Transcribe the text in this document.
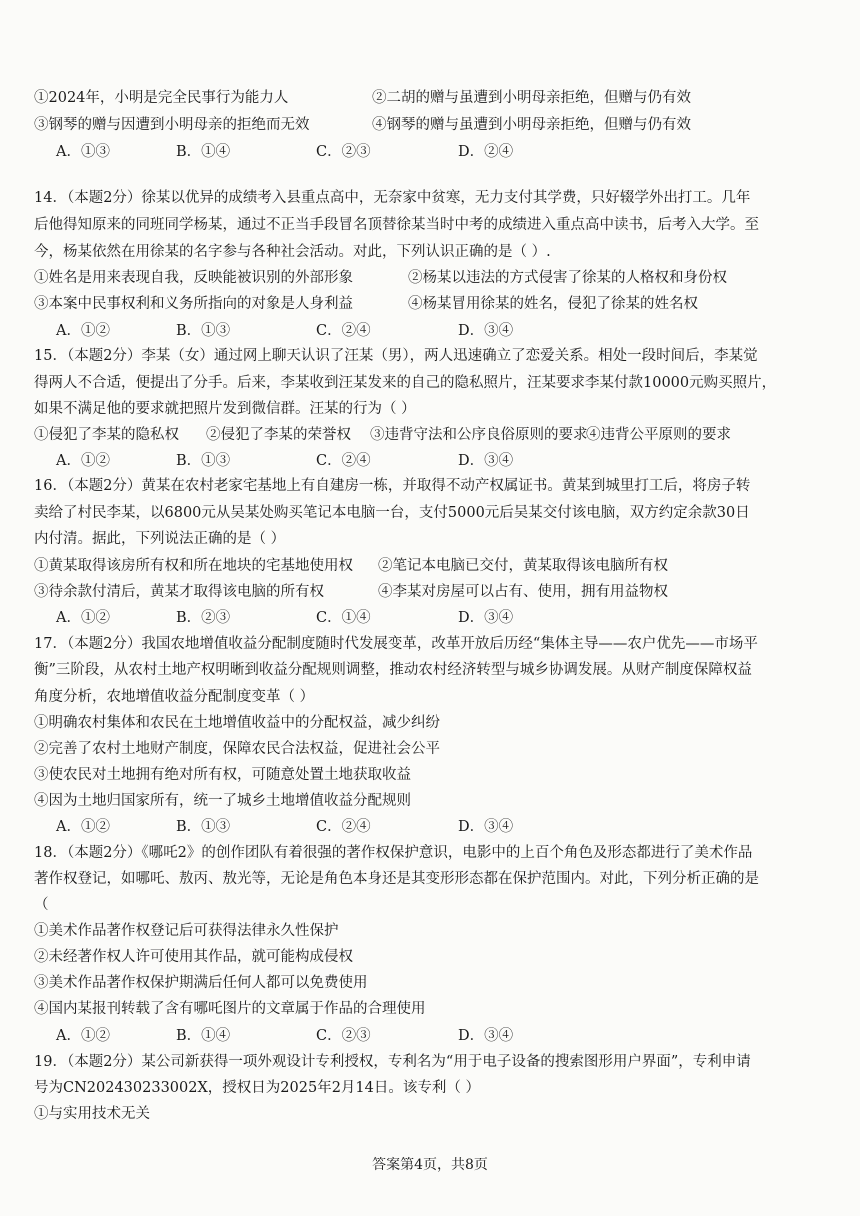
①2024年，小明是完全民事行为能力人	②二胡的赠与虽遭到小明母亲拒绝，但赠与仍有效
③钢琴的赠与因遭到小明母亲的拒绝而无效	④钢琴的赠与虽遭到小明母亲拒绝，但赠与仍有效
A．①③	B．①④	C．②③	D．②④
14．（本题2分）徐某以优异的成绩考入县重点高中，无奈家中贫寒，无力支付其学费，只好辍学外出打工。几年
后他得知原来的同班同学杨某，通过不正当手段冒名顶替徐某当时中考的成绩进入重点高中读书，后考入大学。至
今，杨某依然在用徐某的名字参与各种社会活动。对此，下列认识正确的是（ ）.
①姓名是用来表现自我，反映能被识别的外部形象	②杨某以违法的方式侵害了徐某的人格权和身份权
③本案中民事权利和义务所指向的对象是人身利益	④杨某冒用徐某的姓名，侵犯了徐某的姓名权
A．①②	B．①③	C．②④	D．③④
15．（本题2分）李某（女）通过网上聊天认识了汪某（男），两人迅速确立了恋爱关系。相处一段时间后，李某觉
得两人不合适，便提出了分手。后来，李某收到汪某发来的自己的隐私照片，汪某要求李某付款10000元购买照片，
如果不满足他的要求就把照片发到微信群。汪某的行为（ ）
①侵犯了李某的隐私权 ②侵犯了李某的荣誉权 ③违背守法和公序良俗原则的要求
④违背公平原则的要求
A．①②	B．①③	C．②④	D．③④
16．（本题2分）黄某在农村老家宅基地上有自建房一栋，并取得不动产权属证书。黄某到城里打工后，将房子转
卖给了村民李某，以6800元从吴某处购买笔记本电脑一台，支付5000元后吴某交付该电脑，双方约定余款30日
内付清。据此，下列说法正确的是（ ）
①黄某取得该房所有权和所在地块的宅基地使用权 ②笔记本电脑已交付，黄某取得该电脑所有权
③待余款付清后，黄某才取得该电脑的所有权	④李某对房屋可以占有、使用，拥有用益物权
A．①②	B．②③	C．①④	D．③④
17．（本题2分）我国农地增值收益分配制度随时代发展变革，改革开放后历经“集体主导——农户优先——市场平
衡”三阶段，从农村土地产权明晰到收益分配规则调整，推动农村经济转型与城乡协调发展。从财产制度保障权益
角度分析，农地增值收益分配制度变革（ ）
①明确农村集体和农民在土地增值收益中的分配权益，减少纠纷
②完善了农村土地财产制度，保障农民合法权益，促进社会公平
③使农民对土地拥有绝对所有权，可随意处置土地获取收益
④因为土地归国家所有，统一了城乡土地增值收益分配规则
A．①②	B．①③	C．②④	D．③④
18．（本题2分）《哪吒2》的创作团队有着很强的著作权保护意识，电影中的上百个角色及形态都进行了美术作品
著作权登记，如哪吒、敖丙、敖光等，无论是角色本身还是其变形形态都在保护范围内。对此，下列分析正确的是
（
①美术作品著作权登记后可获得法律永久性保护
②未经著作权人许可使用其作品，就可能构成侵权
③美术作品著作权保护期满后任何人都可以免费使用
④国内某报刊转载了含有哪吒图片的文章属于作品的合理使用
A．①②	B．①④	C．②③	D．③④
19．（本题2分）某公司新获得一项外观设计专利授权，专利名为“用于电子设备的搜索图形用户界面”，专利申请
号为CN202430233002X，授权日为2025年2月14日。该专利（ ）
①与实用技术无关
答案第4页，共8页
